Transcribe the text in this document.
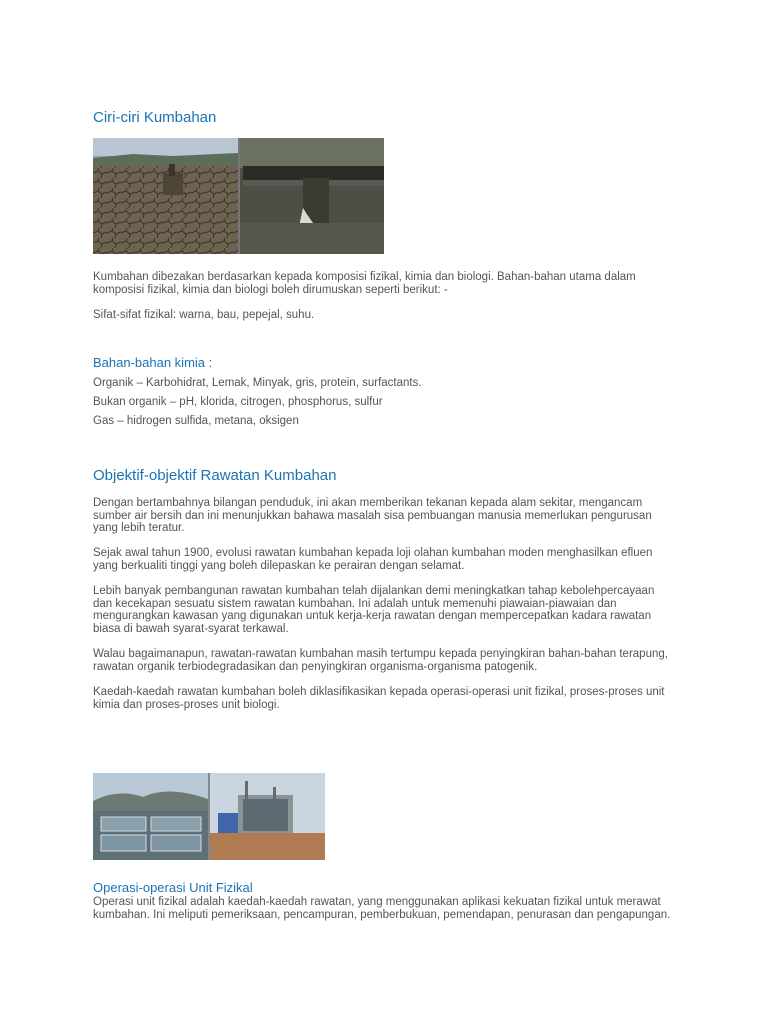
Ciri-ciri Kumbahan

Kumbahan dibezakan berdasarkan kepada komposisi fizikal, kimia dan biologi. Bahan-bahan utama dalam komposisi fizikal, kimia dan biologi boleh dirumuskan seperti berikut: -

Sifat-sifat fizikal: warna, bau, pepejal, suhu.

Bahan-bahan kimia :

Organik – Karbohidrat, Lemak, Minyak, gris, protein, surfactants.

Bukan organik – pH, klorida, citrogen, phosphorus, sulfur

Gas – hidrogen sulfida, metana, oksigen

Objektif-objektif Rawatan Kumbahan

Dengan bertambahnya bilangan penduduk, ini akan memberikan tekanan kepada alam sekitar, mengancam sumber air bersih dan ini menunjukkan bahawa masalah sisa pembuangan manusia memerlukan pengurusan yang lebih teratur.

Sejak awal tahun 1900, evolusi rawatan kumbahan kepada loji olahan kumbahan moden menghasilkan efluen yang berkualiti tinggi yang boleh dilepaskan ke perairan dengan selamat.

Lebih banyak pembangunan rawatan kumbahan telah dijalankan demi meningkatkan tahap kebolehpercayaan dan kecekapan sesuatu sistem rawatan kumbahan. Ini adalah untuk memenuhi piawaian-piawaian dan mengurangkan kawasan yang digunakan untuk kerja-kerja rawatan dengan mempercepatkan kadara rawatan biasa di bawah syarat-syarat terkawal.

Walau bagaimanapun, rawatan-rawatan kumbahan masih tertumpu kepada penyingkiran bahan-bahan terapung, rawatan organik terbiodegradasikan dan penyingkiran organisma-organisma patogenik.

Kaedah-kaedah rawatan kumbahan boleh diklasifikasikan kepada operasi-operasi unit fizikal, proses-proses unit kimia dan proses-proses unit biologi.

Operasi-operasi Unit Fizikal

Operasi unit fizikal adalah kaedah-kaedah rawatan, yang menggunakan aplikasi kekuatan fizikal untuk merawat kumbahan. Ini meliputi pemeriksaan, pencampuran, pemberbukuan, pemendapan, penurasan dan pengapungan.
